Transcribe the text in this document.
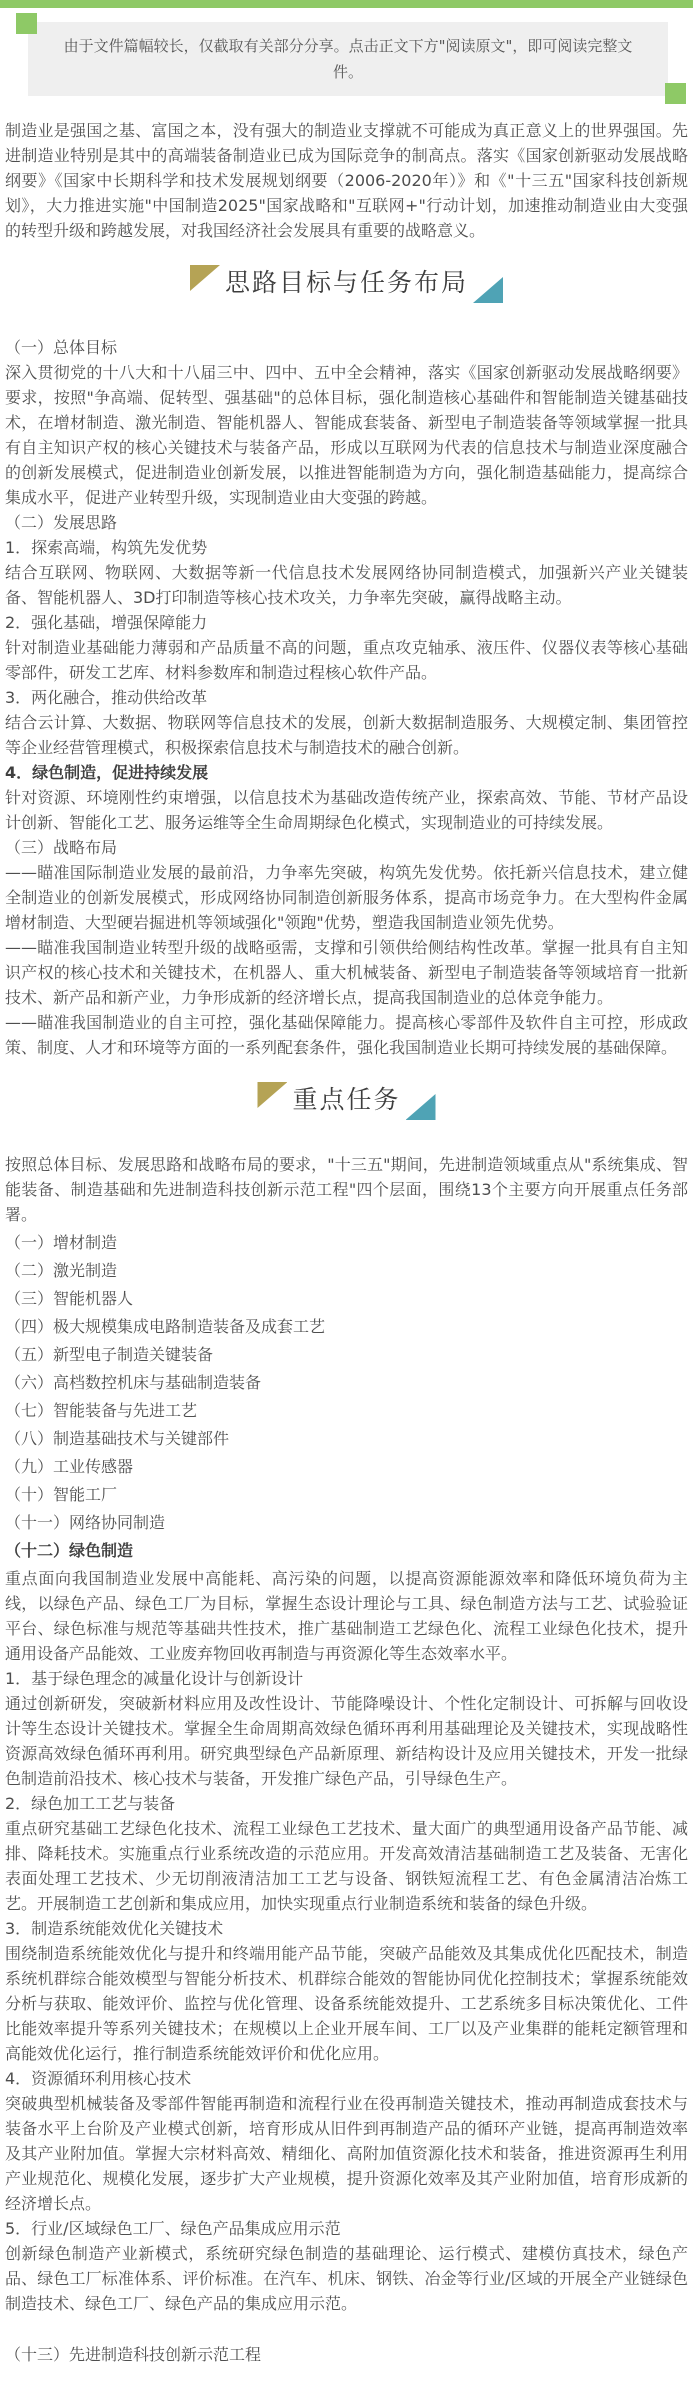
由于文件篇幅较长，仅截取有关部分分享。点击正文下方"阅读原文"，即可阅读完整文件。

制造业是强国之基、富国之本，没有强大的制造业支撑就不可能成为真正意义上的世界强国。先进制造业特别是其中的高端装备制造业已成为国际竞争的制高点。落实《国家创新驱动发展战略纲要》《国家中长期科学和技术发展规划纲要（2006-2020年）》和《"十三五"国家科技创新规划》，大力推进实施"中国制造2025"国家战略和"互联网+"行动计划，加速推动制造业由大变强的转型升级和跨越发展，对我国经济社会发展具有重要的战略意义。

思路目标与任务布局

（一）总体目标

深入贯彻党的十八大和十八届三中、四中、五中全会精神，落实《国家创新驱动发展战略纲要》要求，按照"争高端、促转型、强基础"的总体目标，强化制造核心基础件和智能制造关键基础技术，在增材制造、激光制造、智能机器人、智能成套装备、新型电子制造装备等领域掌握一批具有自主知识产权的核心关键技术与装备产品，形成以互联网为代表的信息技术与制造业深度融合的创新发展模式，促进制造业创新发展，以推进智能制造为方向，强化制造基础能力，提高综合集成水平，促进产业转型升级，实现制造业由大变强的跨越。

（二）发展思路

1．探索高端，构筑先发优势

结合互联网、物联网、大数据等新一代信息技术发展网络协同制造模式，加强新兴产业关键装备、智能机器人、3D打印制造等核心技术攻关，力争率先突破，赢得战略主动。

2．强化基础，增强保障能力

针对制造业基础能力薄弱和产品质量不高的问题，重点攻克轴承、液压件、仪器仪表等核心基础零部件，研发工艺库、材料参数库和制造过程核心软件产品。

3．两化融合，推动供给改革

结合云计算、大数据、物联网等信息技术的发展，创新大数据制造服务、大规模定制、集团管控等企业经营管理模式，积极探索信息技术与制造技术的融合创新。

4．绿色制造，促进持续发展

针对资源、环境刚性约束增强，以信息技术为基础改造传统产业，探索高效、节能、节材产品设计创新、智能化工艺、服务运维等全生命周期绿色化模式，实现制造业的可持续发展。

（三）战略布局

——瞄准国际制造业发展的最前沿，力争率先突破，构筑先发优势。依托新兴信息技术，建立健全制造业的创新发展模式，形成网络协同制造创新服务体系，提高市场竞争力。在大型构件金属增材制造、大型硬岩掘进机等领域强化"领跑"优势，塑造我国制造业领先优势。

——瞄准我国制造业转型升级的战略亟需，支撑和引领供给侧结构性改革。掌握一批具有自主知识产权的核心技术和关键技术，在机器人、重大机械装备、新型电子制造装备等领域培育一批新技术、新产品和新产业，力争形成新的经济增长点，提高我国制造业的总体竞争能力。

——瞄准我国制造业的自主可控，强化基础保障能力。提高核心零部件及软件自主可控，形成政策、制度、人才和环境等方面的一系列配套条件，强化我国制造业长期可持续发展的基础保障。

重点任务

按照总体目标、发展思路和战略布局的要求，"十三五"期间，先进制造领域重点从"系统集成、智能装备、制造基础和先进制造科技创新示范工程"四个层面，围绕13个主要方向开展重点任务部署。

（一）增材制造

（二）激光制造

（三）智能机器人

（四）极大规模集成电路制造装备及成套工艺

（五）新型电子制造关键装备

（六）高档数控机床与基础制造装备

（七）智能装备与先进工艺

（八）制造基础技术与关键部件

（九）工业传感器

（十）智能工厂

（十一）网络协同制造

（十二）绿色制造

重点面向我国制造业发展中高能耗、高污染的问题，以提高资源能源效率和降低环境负荷为主线，以绿色产品、绿色工厂为目标，掌握生态设计理论与工具、绿色制造方法与工艺、试验验证平台、绿色标准与规范等基础共性技术，推广基础制造工艺绿色化、流程工业绿色化技术，提升通用设备产品能效、工业废弃物回收再制造与再资源化等生态效率水平。

1．基于绿色理念的减量化设计与创新设计

通过创新研发，突破新材料应用及改性设计、节能降噪设计、个性化定制设计、可拆解与回收设计等生态设计关键技术。掌握全生命周期高效绿色循环再利用基础理论及关键技术，实现战略性资源高效绿色循环再利用。研究典型绿色产品新原理、新结构设计及应用关键技术，开发一批绿色制造前沿技术、核心技术与装备，开发推广绿色产品，引导绿色生产。

2．绿色加工工艺与装备

重点研究基础工艺绿色化技术、流程工业绿色工艺技术、量大面广的典型通用设备产品节能、减排、降耗技术。实施重点行业系统改造的示范应用。开发高效清洁基础制造工艺及装备、无害化表面处理工艺技术、少无切削液清洁加工工艺与设备、钢铁短流程工艺、有色金属清洁冶炼工艺。开展制造工艺创新和集成应用，加快实现重点行业制造系统和装备的绿色升级。

3．制造系统能效优化关键技术

围绕制造系统能效优化与提升和终端用能产品节能，突破产品能效及其集成优化匹配技术，制造系统机群综合能效模型与智能分析技术、机群综合能效的智能协同优化控制技术；掌握系统能效分析与获取、能效评价、监控与优化管理、设备系统能效提升、工艺系统多目标决策优化、工件比能效率提升等系列关键技术；在规模以上企业开展车间、工厂以及产业集群的能耗定额管理和高能效优化运行，推行制造系统能效评价和优化应用。

4．资源循环利用核心技术

突破典型机械装备及零部件智能再制造和流程行业在役再制造关键技术，推动再制造成套技术与装备水平上台阶及产业模式创新，培育形成从旧件到再制造产品的循环产业链，提高再制造效率及其产业附加值。掌握大宗材料高效、精细化、高附加值资源化技术和装备，推进资源再生利用产业规范化、规模化发展，逐步扩大产业规模，提升资源化效率及其产业附加值，培育形成新的经济增长点。

5．行业/区域绿色工厂、绿色产品集成应用示范

创新绿色制造产业新模式，系统研究绿色制造的基础理论、运行模式、建模仿真技术，绿色产品、绿色工厂标准体系、评价标准。在汽车、机床、钢铁、冶金等行业/区域的开展全产业链绿色制造技术、绿色工厂、绿色产品的集成应用示范。

（十三）先进制造科技创新示范工程
